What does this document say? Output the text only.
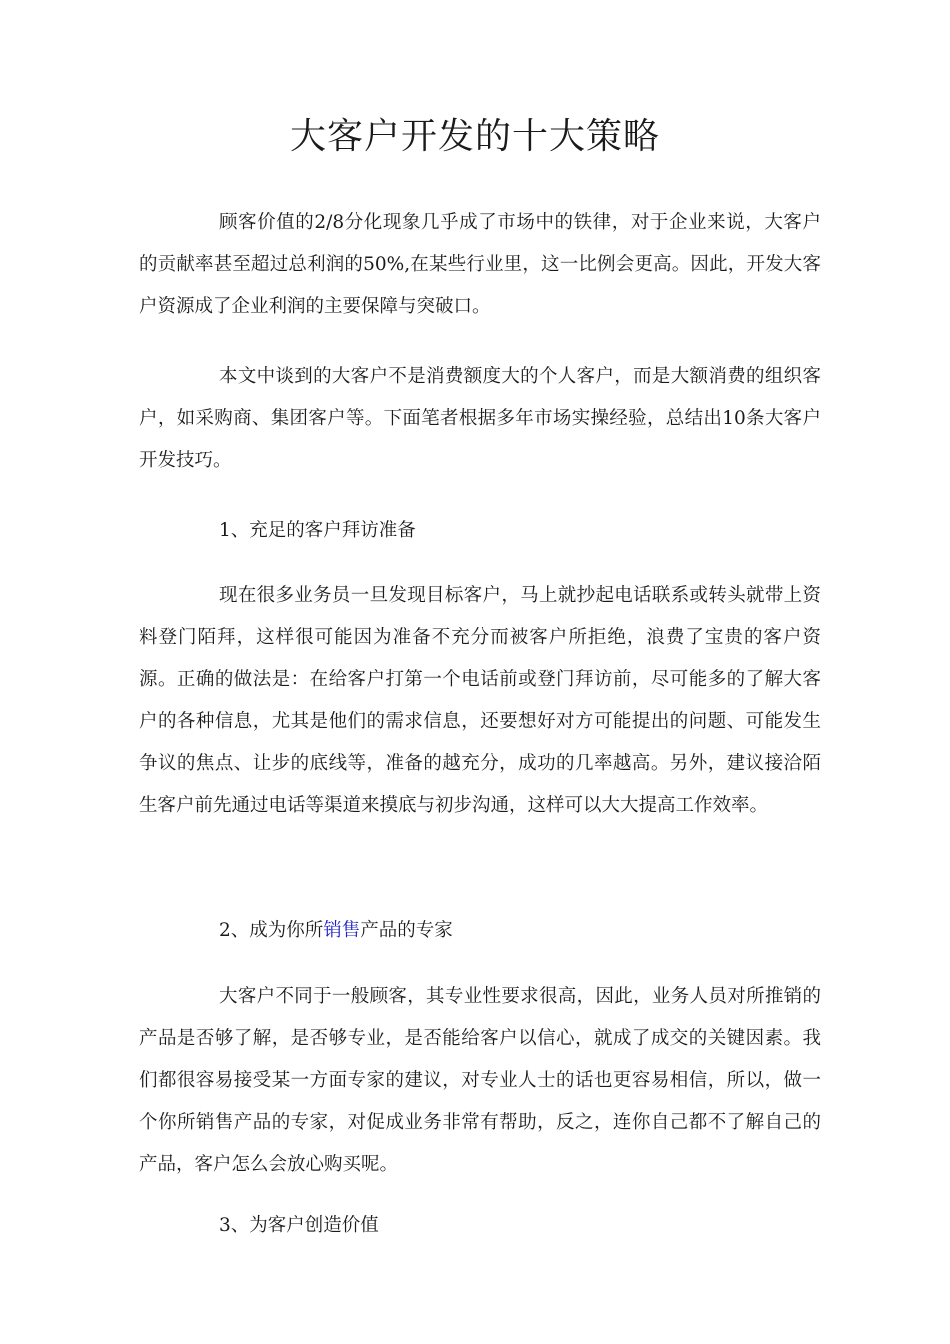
大客户开发的十大策略

顾客价值的2/8分化现象几乎成了市场中的铁律，对于企业来说，大客户的贡献率甚至超过总利润的50%,在某些行业里，这一比例会更高。因此，开发大客户资源成了企业利润的主要保障与突破口。

本文中谈到的大客户不是消费额度大的个人客户，而是大额消费的组织客户，如采购商、集团客户等。下面笔者根据多年市场实操经验，总结出10条大客户开发技巧。

1、充足的客户拜访准备

现在很多业务员一旦发现目标客户，马上就抄起电话联系或转头就带上资料登门陌拜，这样很可能因为准备不充分而被客户所拒绝，浪费了宝贵的客户资源。正确的做法是：在给客户打第一个电话前或登门拜访前，尽可能多的了解大客户的各种信息，尤其是他们的需求信息，还要想好对方可能提出的问题、可能发生争议的焦点、让步的底线等，准备的越充分，成功的几率越高。另外，建议接洽陌生客户前先通过电话等渠道来摸底与初步沟通，这样可以大大提高工作效率。

2、成为你所销售产品的专家

大客户不同于一般顾客，其专业性要求很高，因此，业务人员对所推销的产品是否够了解，是否够专业，是否能给客户以信心，就成了成交的关键因素。我们都很容易接受某一方面专家的建议，对专业人士的话也更容易相信，所以，做一个你所销售产品的专家，对促成业务非常有帮助，反之，连你自己都不了解自己的产品，客户怎么会放心购买呢。

3、为客户创造价值
